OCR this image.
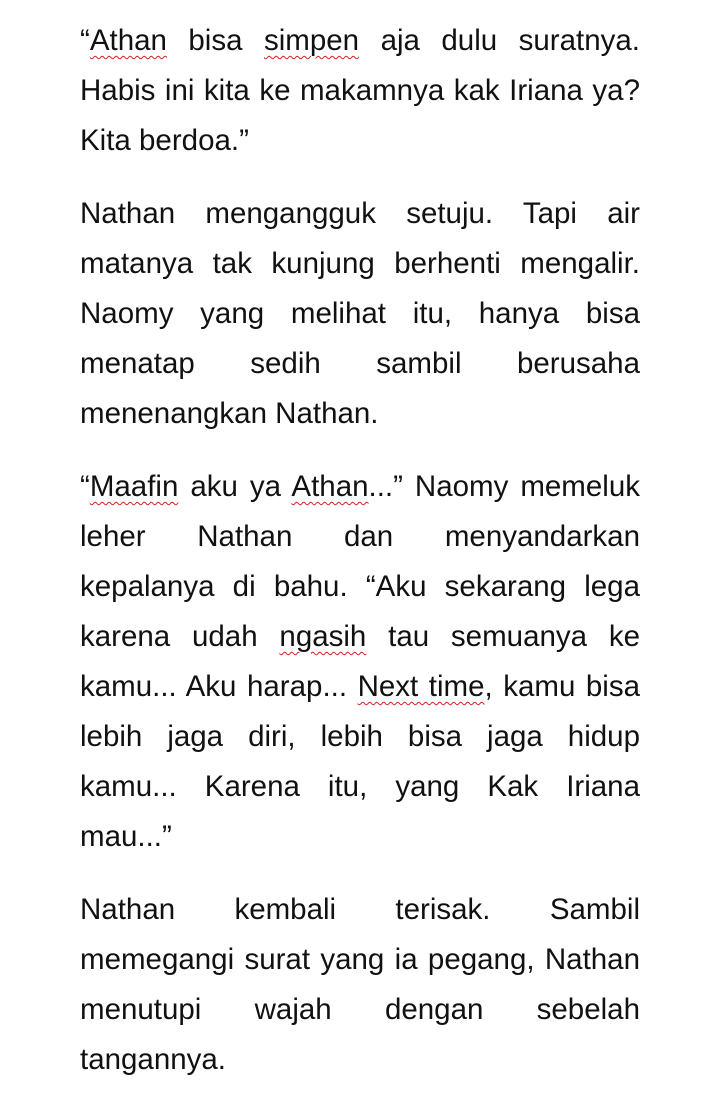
“Athan bisa simpen aja dulu suratnya. Habis ini kita ke makamnya kak Iriana ya? Kita berdoa.”

Nathan mengangguk setuju. Tapi air matanya tak kunjung berhenti mengalir. Naomy yang melihat itu, hanya bisa menatap sedih sambil berusaha menenangkan Nathan.

“Maafin aku ya Athan...” Naomy memeluk leher Nathan dan menyandarkan kepalanya di bahu. “Aku sekarang lega karena udah ngasih tau semuanya ke kamu... Aku harap... Next time, kamu bisa lebih jaga diri, lebih bisa jaga hidup kamu... Karena itu, yang Kak Iriana mau...”

Nathan kembali terisak. Sambil memegangi surat yang ia pegang, Nathan menutupi wajah dengan sebelah tangannya.
